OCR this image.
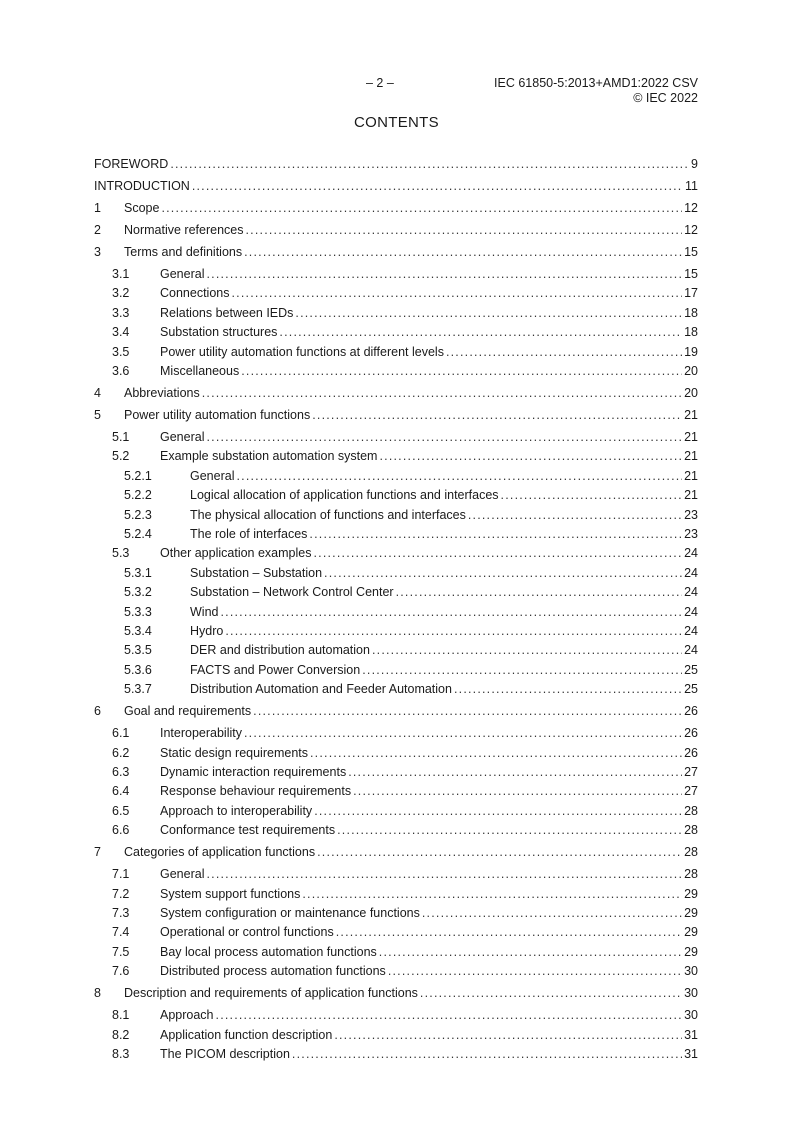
– 2 –	IEC 61850-5:2013+AMD1:2022 CSV
© IEC 2022
CONTENTS
FOREWORD .....	9
INTRODUCTION .....	11
1	Scope .....	12
2	Normative references .....	12
3	Terms and definitions .....	15
3.1	General .....	15
3.2	Connections .....	17
3.3	Relations between IEDs .....	18
3.4	Substation structures .....	18
3.5	Power utility automation functions at different levels .....	19
3.6	Miscellaneous .....	20
4	Abbreviations .....	20
5	Power utility automation functions .....	21
5.1	General .....	21
5.2	Example substation automation system .....	21
5.2.1	General .....	21
5.2.2	Logical allocation of application functions and interfaces .....	21
5.2.3	The physical allocation of functions and interfaces .....	23
5.2.4	The role of interfaces .....	23
5.3	Other application examples .....	24
5.3.1	Substation – Substation .....	24
5.3.2	Substation – Network Control Center .....	24
5.3.3	Wind .....	24
5.3.4	Hydro .....	24
5.3.5	DER and distribution automation .....	24
5.3.6	FACTS and Power Conversion .....	25
5.3.7	Distribution Automation and Feeder Automation .....	25
6	Goal and requirements .....	26
6.1	Interoperability .....	26
6.2	Static design requirements .....	26
6.3	Dynamic interaction requirements .....	27
6.4	Response behaviour requirements .....	27
6.5	Approach to interoperability .....	28
6.6	Conformance test requirements .....	28
7	Categories of application functions .....	28
7.1	General .....	28
7.2	System support functions .....	29
7.3	System configuration or maintenance functions .....	29
7.4	Operational or control functions .....	29
7.5	Bay local process automation functions .....	29
7.6	Distributed process automation functions .....	30
8	Description and requirements of application functions .....	30
8.1	Approach .....	30
8.2	Application function description .....	31
8.3	The PICOM description .....	31
